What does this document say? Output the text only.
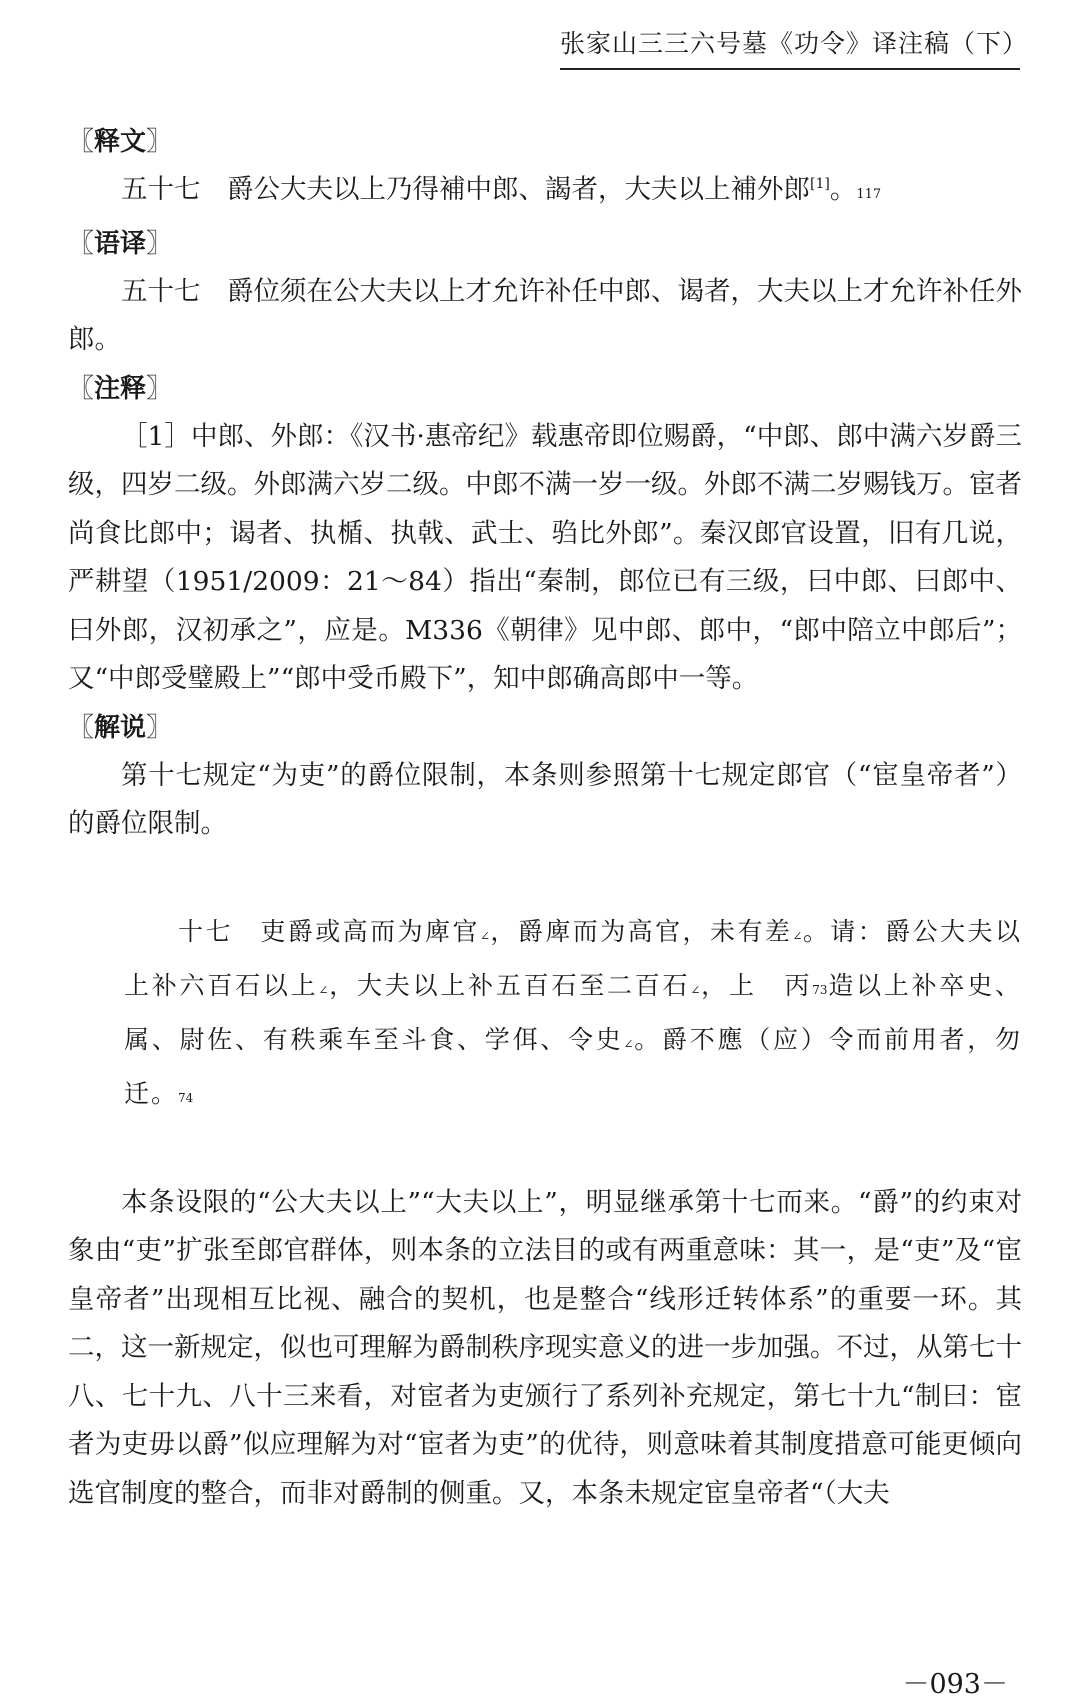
张家山三三六号墓《功令》译注稿（下）
〖释文〗

五十七　爵公大夫以上乃得補中郎、謁者，大夫以上補外郎[1]。117

〖语译〗

五十七　爵位须在公大夫以上才允许补任中郎、谒者，大夫以上才允许补任外郎。

〖注释〗

［1］中郎、外郎：《汉书·惠帝纪》载惠帝即位赐爵，“中郎、郎中满六岁爵三级，四岁二级。外郎满六岁二级。中郎不满一岁一级。外郎不满二岁赐钱万。宦者尚食比郎中；谒者、执楯、执戟、武士、驺比外郎”。秦汉郎官设置，旧有几说，严耕望（1951/2009：21～84）指出“秦制，郎位已有三级，曰中郎、曰郎中、曰外郎，汉初承之”，应是。M336《朝律》见中郎、郎中，“郎中陪立中郎后”；又“中郎受璧殿上”“郎中受币殿下”，知中郎确高郎中一等。

〖解说〗

第十七规定“为吏”的爵位限制，本条则参照第十七规定郎官（“宦皇帝者”）的爵位限制。

十七　吏爵或高而为庳官∠，爵庳而为高官，未有差∠。请：爵公大夫以上补六百石以上∠，大夫以上补五百石至二百石∠，上　丙73造以上补卒史、属、尉佐、有秩乘车至斗食、学佴、令史∠。爵不應（应）令而前用者，勿迁。74

本条设限的“公大夫以上”“大夫以上”，明显继承第十七而来。“爵”的约束对象由“吏”扩张至郎官群体，则本条的立法目的或有两重意味：其一，是“吏”及“宦皇帝者”出现相互比视、融合的契机，也是整合“线形迁转体系”的重要一环。其二，这一新规定，似也可理解为爵制秩序现实意义的进一步加强。不过，从第七十八、七十九、八十三来看，对宦者为吏颁行了系列补充规定，第七十九“制曰：宦者为吏毋以爵”似应理解为对“宦者为吏”的优待，则意味着其制度措意可能更倾向选官制度的整合，而非对爵制的侧重。又，本条未规定宦皇帝者“（大夫

－093－
